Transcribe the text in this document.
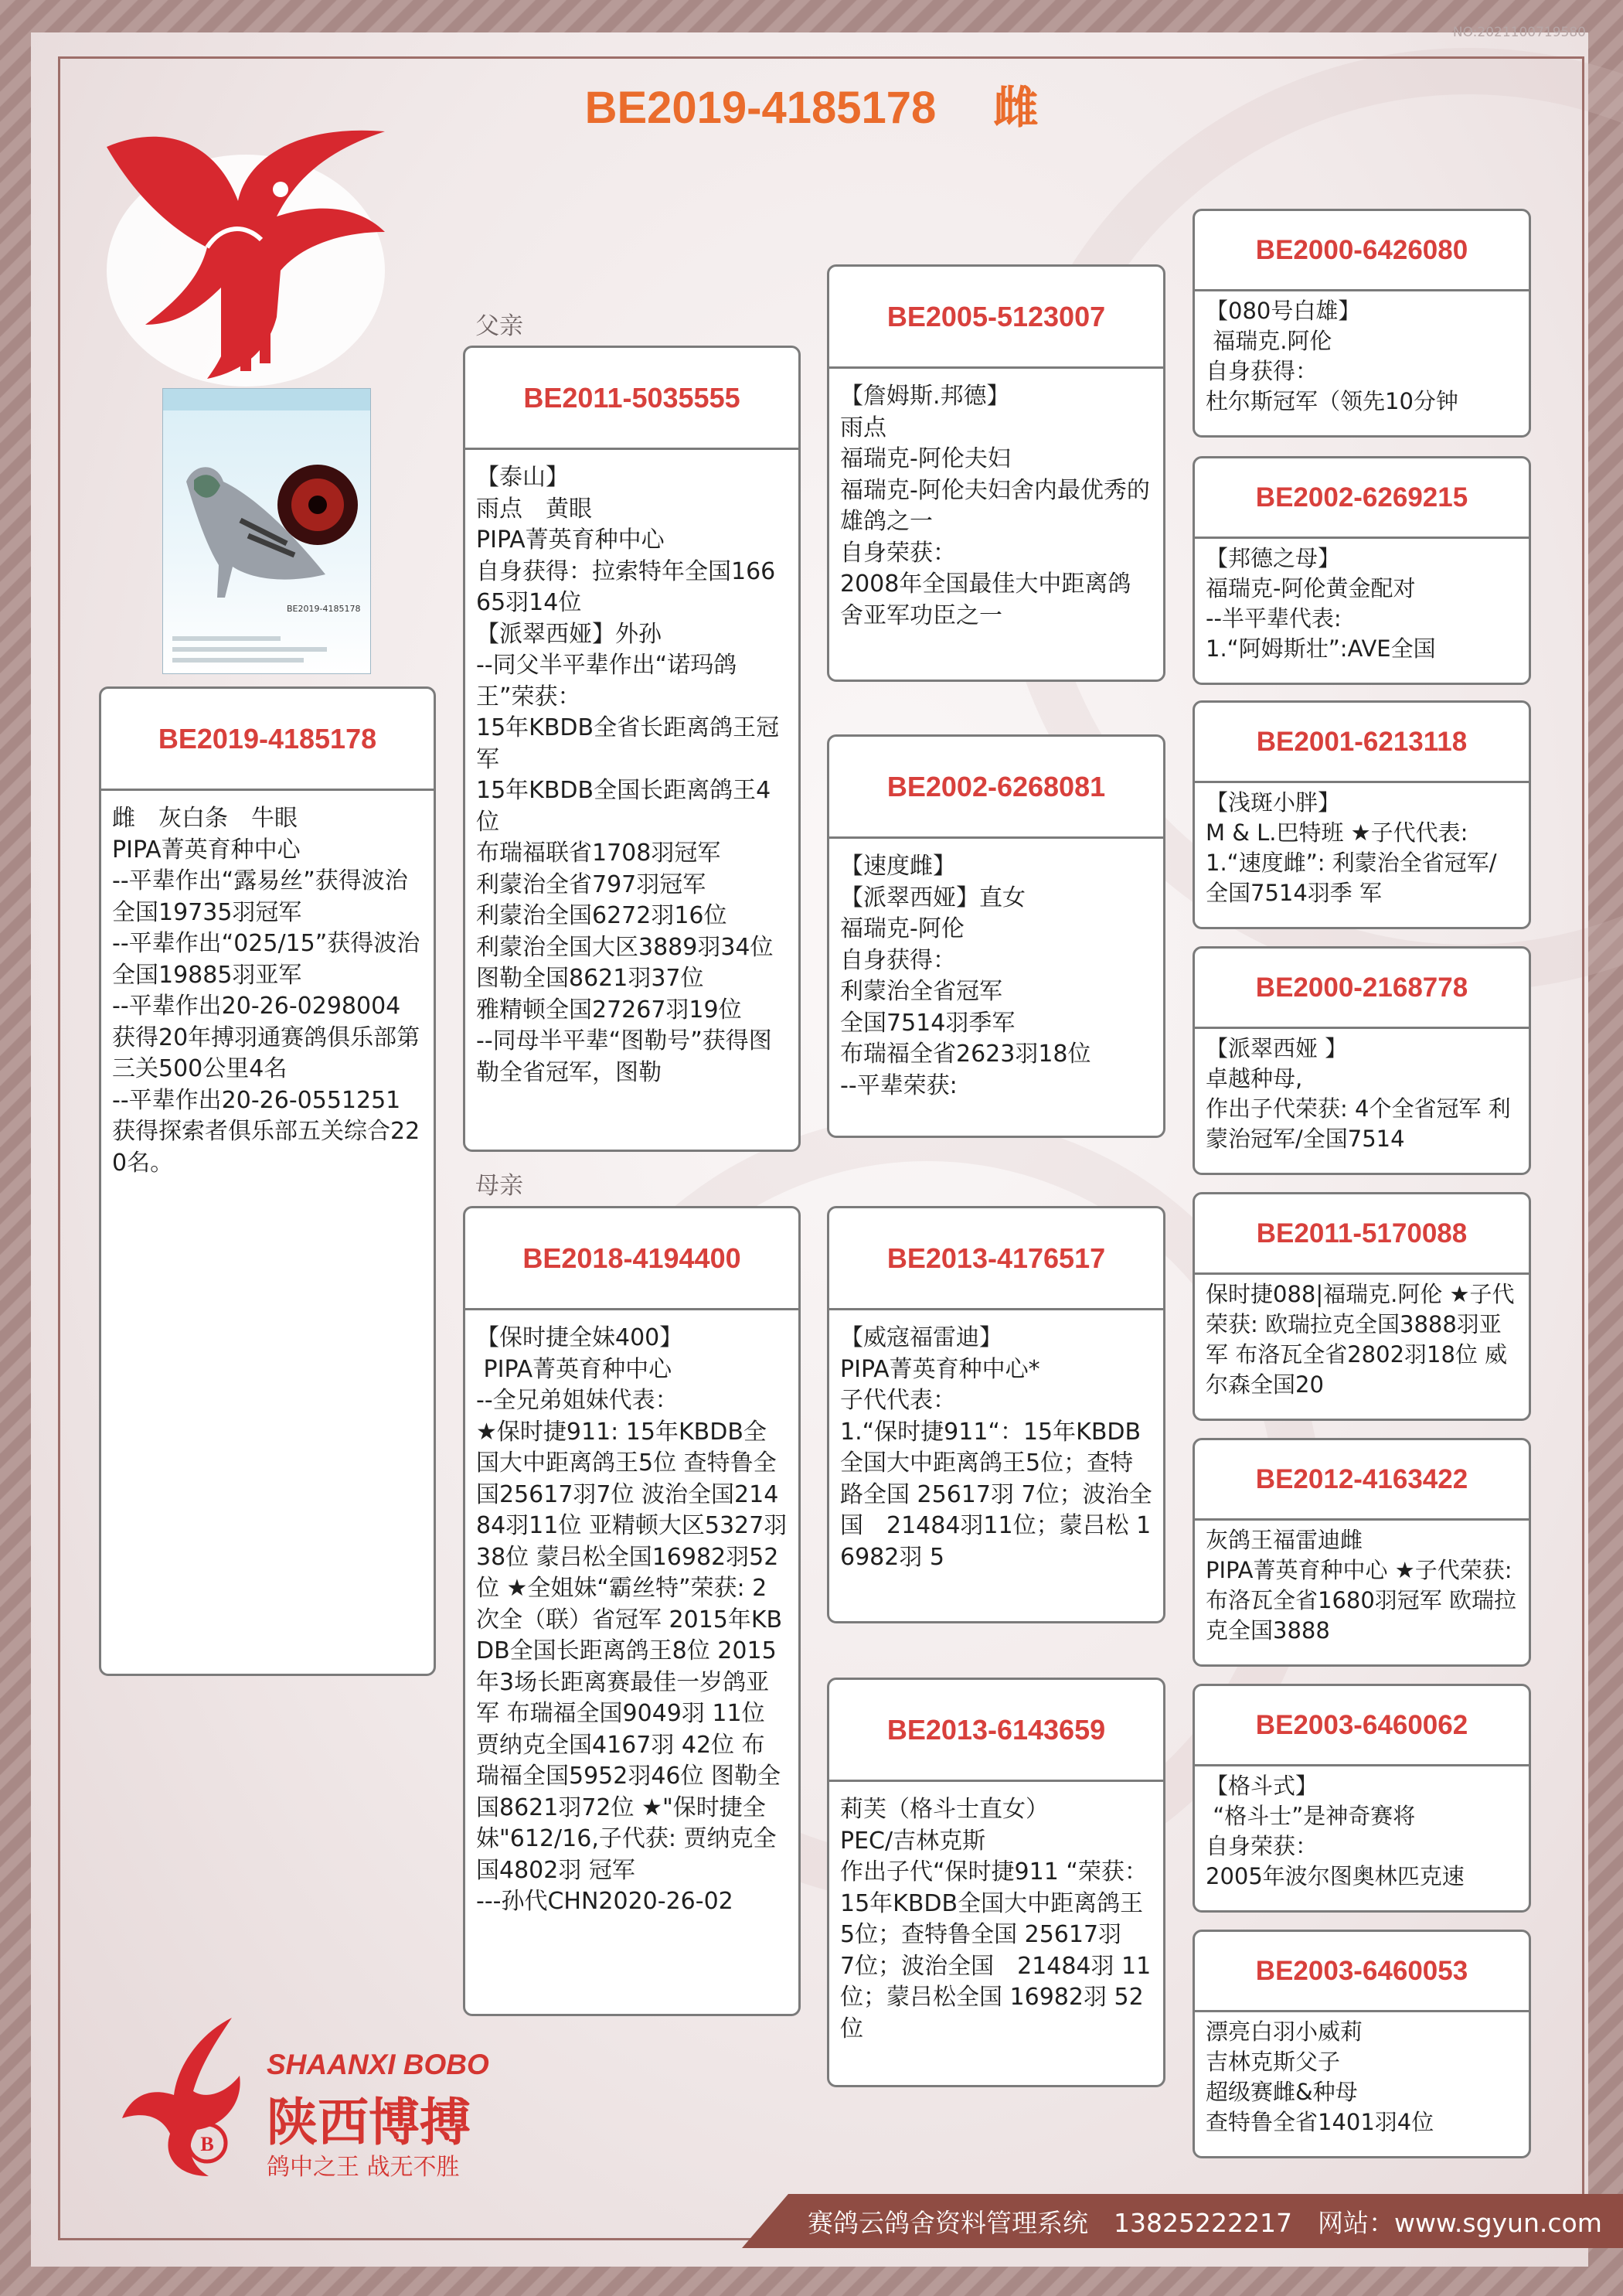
NO:2021100719580
BE2019-4185178　 雌
BE2019-4185178
父亲
母亲
BE2019-4185178
雌　灰白条　牛眼
PIPA菁英育种中心
--平辈作出“露易丝”获得波治全国19735羽冠军
--平辈作出“025/15”获得波治全国19885羽亚军
--平辈作出20-26-0298004获得20年搏羽通赛鸽俱乐部第三关500公里4名
--平辈作出20-26-0551251获得探索者俱乐部五关综合220名。
BE2011-5035555
【泰山】
雨点　黄眼
PIPA菁英育种中心
自身获得：拉索特年全国16665羽14位
【派翠西娅】外孙
--同父半平辈作出“诺玛鸽王”荣获：
15年KBDB全省长距离鸽王冠军
15年KBDB全国长距离鸽王4位
布瑞福联省1708羽冠军
利蒙治全省797羽冠军
利蒙治全国6272羽16位
利蒙治全国大区3889羽34位
图勒全国8621羽37位
雅精顿全国27267羽19位
--同母半平辈“图勒号”获得图勒全省冠军，图勒
BE2018-4194400
【保时捷全妹400】
PIPA菁英育种中心
--全兄弟姐妹代表：
★保时捷911: 15年KBDB全国大中距离鸽王5位 查特鲁全国25617羽7位 波治全国21484羽11位 亚精顿大区5327羽38位 蒙吕松全国16982羽52位 ★全姐妹“霸丝特”荣获: 2次全（联）省冠军 2015年KBDB全国长距离鸽王8位 2015年3场长距离赛最佳一岁鸽亚军 布瑞福全国9049羽 11位 贾纳克全国4167羽 42位 布瑞福全国5952羽46位 图勒全国8621羽72位 ★"保时捷全妹"612/16,子代获: 贾纳克全国4802羽 冠军
---孙代CHN2020-26-02
BE2005-5123007
【詹姆斯.邦德】
雨点
福瑞克-阿伦夫妇
福瑞克-阿伦夫妇舍内最优秀的雄鸽之一
自身荣获：
2008年全国最佳大中距离鸽舍亚军功臣之一
BE2002-6268081
【速度雌】
【派翠西娅】直女
福瑞克-阿伦
自身获得：
利蒙治全省冠军
全国7514羽季军
布瑞福全省2623羽18位
--平辈荣获:
BE2013-4176517
【威寇福雷迪】
PIPA菁英育种中心*
子代代表：
1.“保时捷911“：15年KBDB全国大中距离鸽王5位；查特路全国 25617羽 7位；波治全国　21484羽11位；蒙吕松 16982羽 5
BE2013-6143659
莉芙（格斗士直女）
PEC/吉林克斯
作出子代“保时捷911 “荣获：15年KBDB全国大中距离鸽王5位；查特鲁全国 25617羽　7位；波治全国　21484羽 11位；蒙吕松全国 16982羽 52位
BE2000-6426080
【080号白雄】
福瑞克.阿伦
自身获得：
杜尔斯冠军（领先10分钟
BE2002-6269215
【邦德之母】
福瑞克-阿伦黄金配对
--半平辈代表:
1.“阿姆斯壮”:AVE全国
BE2001-6213118
【浅斑小胖】
M & L.巴特班 ★子代代表: 1.“速度雌”: 利蒙治全省冠军/全国7514羽季 军
BE2000-2168778
【派翠西娅 】
卓越种母,
作出子代荣获: 4个全省冠军 利蒙治冠军/全国7514
BE2011-5170088
保时捷088|福瑞克.阿伦 ★子代荣获: 欧瑞拉克全国3888羽亚军 布洛瓦全省2802羽18位 威尔森全国20
BE2012-4163422
灰鸽王福雷迪雌
PIPA菁英育种中心 ★子代荣获:布洛瓦全省1680羽冠军 欧瑞拉克全国3888
BE2003-6460062
【格斗式】
“格斗士”是神奇赛将
自身荣获：
2005年波尔图奥林匹克速
BE2003-6460053
漂亮白羽小威莉
吉林克斯父子
超级赛雌&种母
查特鲁全省1401羽4位
B
SHAANXI BOBO
陕西博搏
鸽中之王 战无不胜
赛鸽云鸽舍资料管理系统　13825222217　网站：www.sgyun.com
